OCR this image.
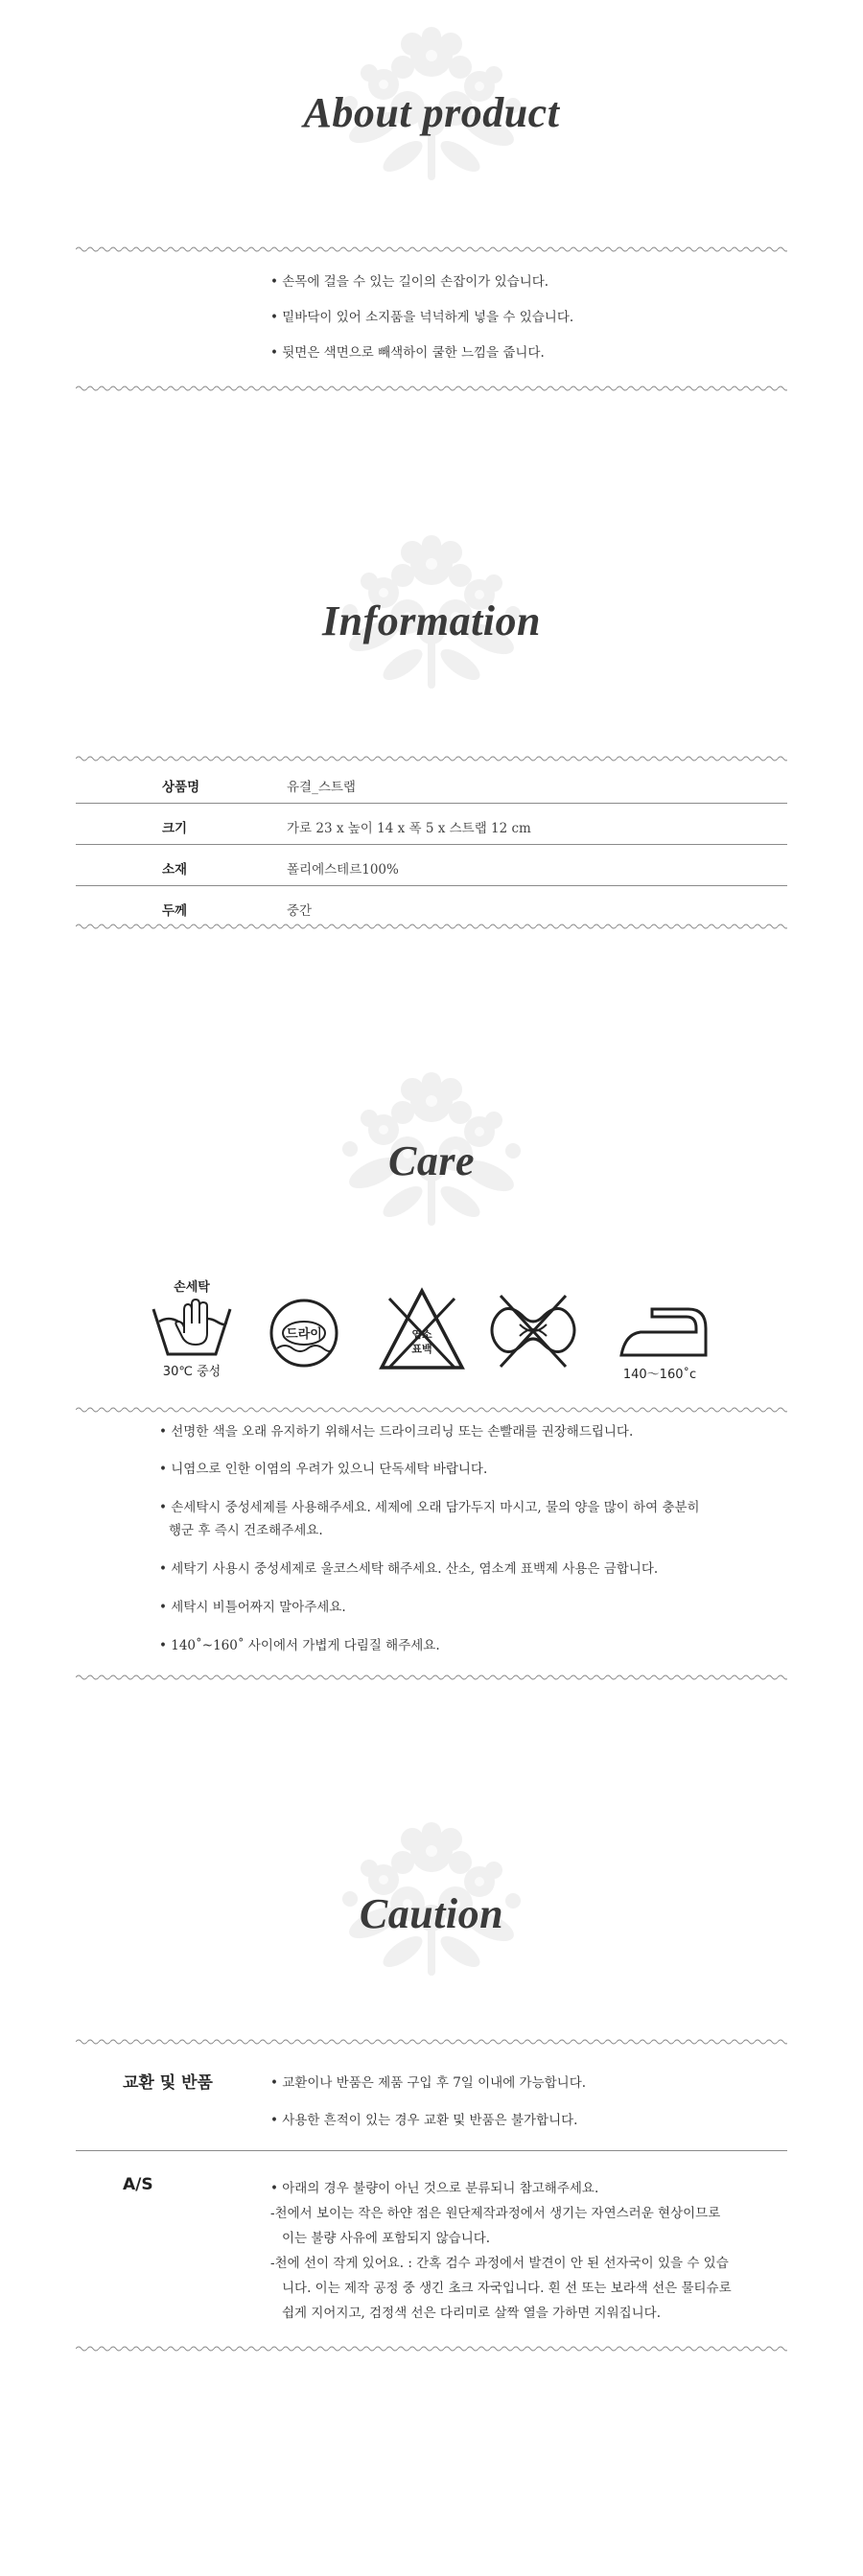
About product
• 손목에 걸을 수 있는 길이의 손잡이가 있습니다.
• 밑바닥이 있어 소지품을 넉넉하게 넣을 수 있습니다.
• 뒷면은 색면으로 빼색하이 쿨한 느낌을 줍니다.
Information
상품명	유결_스트랩
크기	가로 23 x 높이 14 x 폭 5 x 스트랩 12 cm
소재	폴리에스테르100%
두께	중간
Care
손세탁
30℃ 중성
드라이	염소
표백
140～160˚c
• 선명한 색을 오래 유지하기 위해서는 드라이크리닝 또는 손빨래를 권장해드립니다.
• 니염으로 인한 이염의 우려가 있으니 단독세탁 바랍니다.
• 손세탁시 중성세제를 사용해주세요. 세제에 오래 담가두지 마시고, 물의 양을 많이 하여 충분히
행군 후 즉시 건조해주세요.
• 세탁기 사용시 중성세제로 울코스세탁 해주세요. 산소, 염소계 표백제 사용은 금합니다.
• 세탁시 비틀어짜지 말아주세요.
• 140˚~160˚ 사이에서 가볍게 다림질 해주세요.
Caution
교환 및 반품	• 교환이나 반품은 제품 구입 후 7일 이내에 가능합니다.
• 사용한 흔적이 있는 경우 교환 및 반품은 불가합니다.
A/S	• 아래의 경우 불량이 아닌 것으로 분류되니 참고해주세요.
-천에서 보이는 작은 하얀 점은 원단제작과정에서 생기는 자연스러운 현상이므로
이는 불량 사유에 포함되지 않습니다.
-천에 선이 작게 있어요. : 간혹 검수 과정에서 발견이 안 된 선자국이 있을 수 있습
니다. 이는 제작 공정 중 생긴 초크 자국입니다. 흰 선 또는 보라색 선은 물티슈로
쉽게 지어지고, 검정색 선은 다리미로 살짝 열을 가하면 지워집니다.
